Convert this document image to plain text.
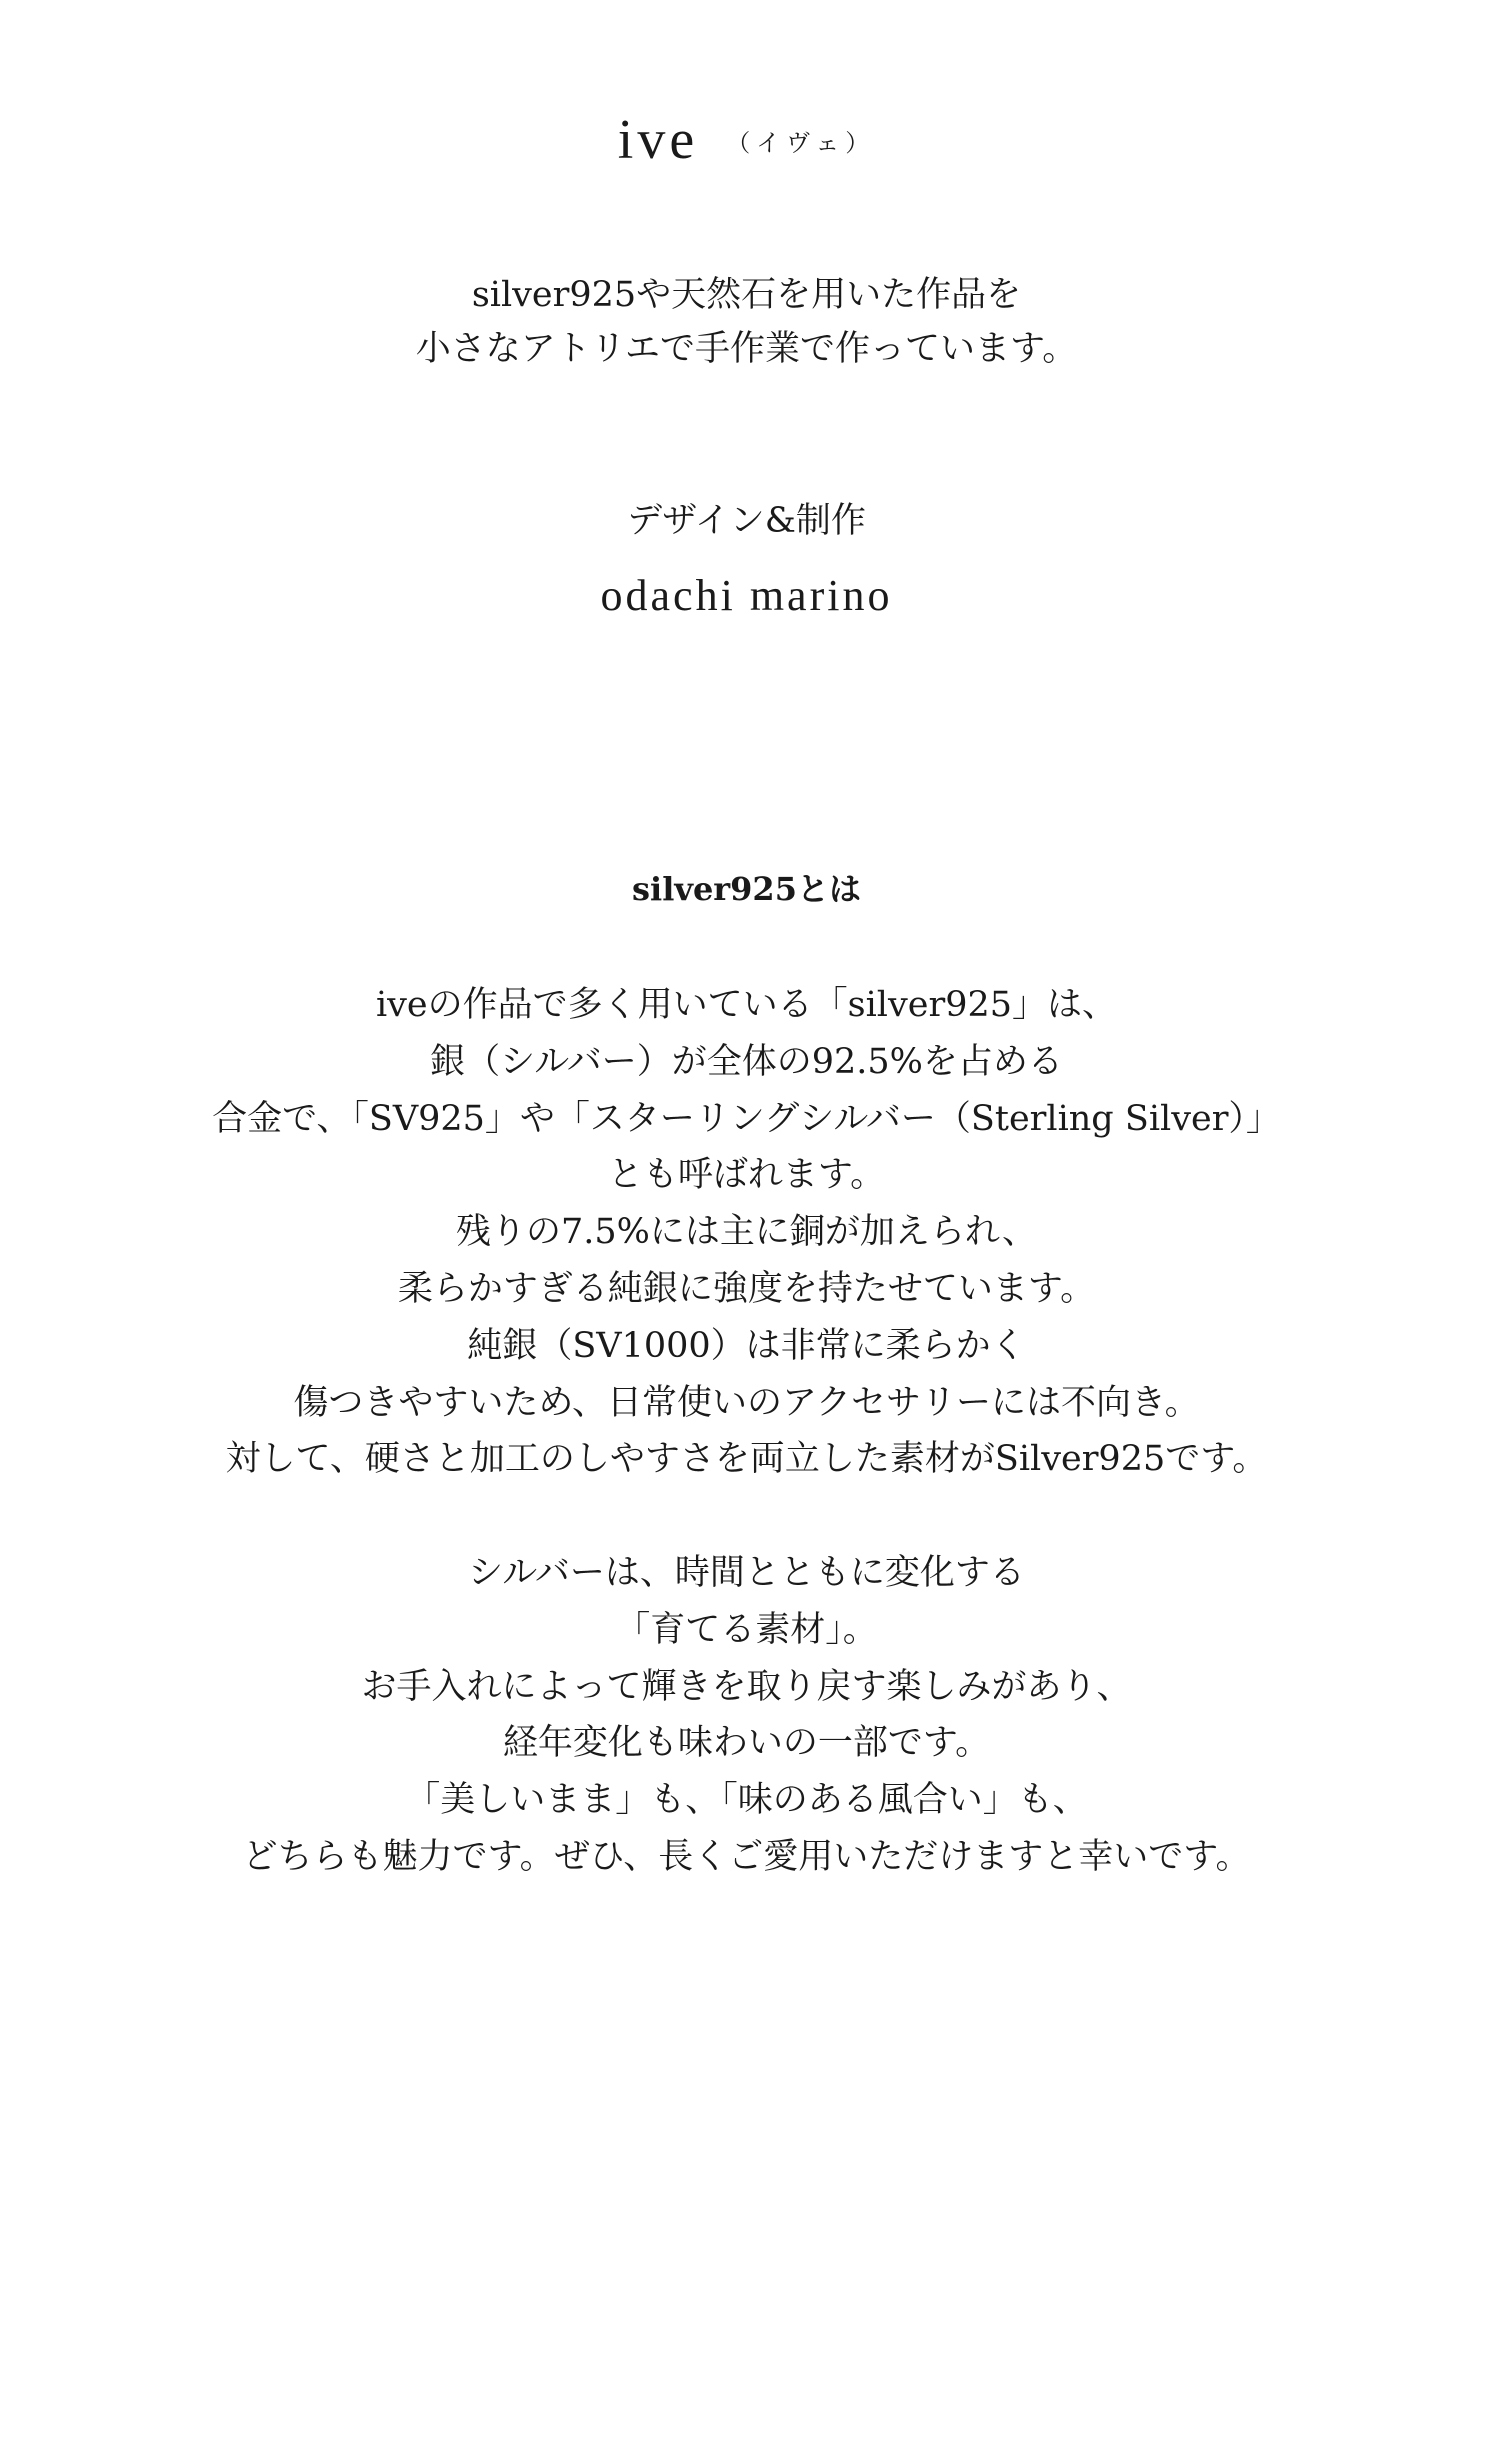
ive （イヴェ）
silver925や天然石を用いた作品を
小さなアトリエで手作業で作っています。
デザイン&制作
odachi marino
silver925とは
iveの作品で多く用いている「silver925」は、
銀（シルバー）が全体の92.5%を占める
合金で、「SV925」や「スターリングシルバー（Sterling Silver）」
とも呼ばれます。
残りの7.5%には主に銅が加えられ、
柔らかすぎる純銀に強度を持たせています。
純銀（SV1000）は非常に柔らかく
傷つきやすいため、日常使いのアクセサリーには不向き。
対して、硬さと加工のしやすさを両立した素材がSilver925です。
シルバーは、時間とともに変化する
「育てる素材」。
お手入れによって輝きを取り戻す楽しみがあり、
経年変化も味わいの一部です。
「美しいまま」も、「味のある風合い」も、
どちらも魅力です。ぜひ、長くご愛用いただけますと幸いです。
